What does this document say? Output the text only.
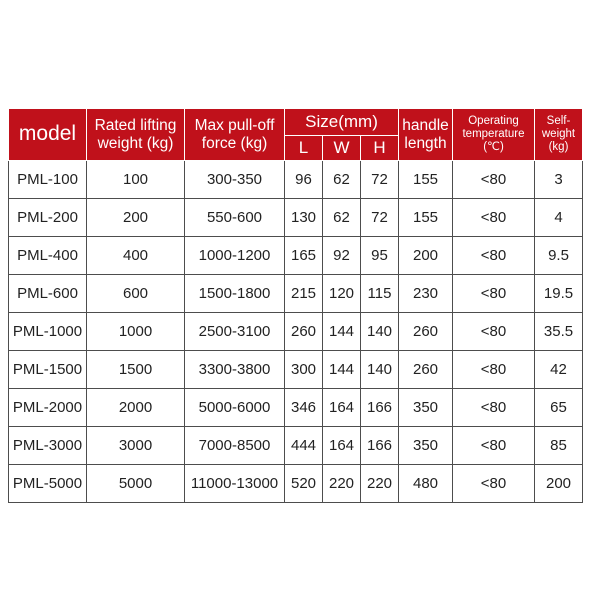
model	Rated lifting weight (kg)	Max pull-off force (kg)	Size(mm)			handle length	Operating temperature (℃)	Self-weight (kg)
			L	W	H			
PML-100	100	300-350	96	62	72	155	<80	3
PML-200	200	550-600	130	62	72	155	<80	4
PML-400	400	1000-1200	165	92	95	200	<80	9.5
PML-600	600	1500-1800	215	120	115	230	<80	19.5
PML-1000	1000	2500-3100	260	144	140	260	<80	35.5
PML-1500	1500	3300-3800	300	144	140	260	<80	42
PML-2000	2000	5000-6000	346	164	166	350	<80	65
PML-3000	3000	7000-8500	444	164	166	350	<80	85
PML-5000	5000	11000-13000	520	220	220	480	<80	200
